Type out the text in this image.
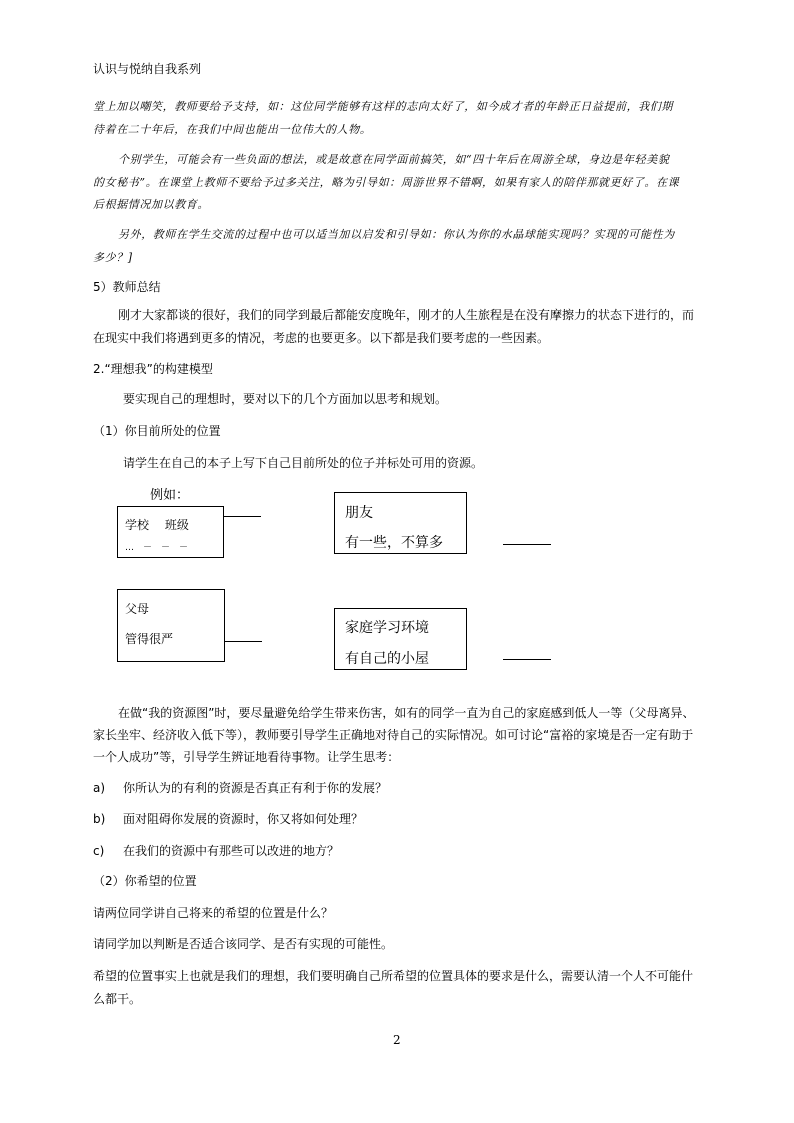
认识与悦纳自我系列
堂上加以嘲笑，教师要给予支持，如：这位同学能够有这样的志向太好了，如今成才者的年龄正日益提前，我们期
待着在二十年后，在我们中间也能出一位伟大的人物。
个别学生，可能会有一些负面的想法，或是故意在同学面前搞笑，如“四十年后在周游全球，身边是年轻美貌
的女秘书”。在课堂上教师不要给予过多关注，略为引导如：周游世界不错啊，如果有家人的陪伴那就更好了。在课
后根据情况加以教育。
另外，教师在学生交流的过程中也可以适当加以启发和引导如：你认为你的水晶球能实现吗？实现的可能性为
多少？]
5）教师总结
刚才大家都谈的很好，我们的同学到最后都能安度晚年，刚才的人生旅程是在没有摩擦力的状态下进行的，而
在现实中我们将遇到更多的情况，考虑的也要更多。以下都是我们要考虑的一些因素。
2.“理想我”的构建模型
要实现自己的理想时，要对以下的几个方面加以思考和规划。
（1）你目前所处的位置
请学生在自己的本子上写下自己目前所处的位子并标处可用的资源。
例如：
学校　 班级
…　－　－　－
朋友
有一些，不算多
父母
管得很严
家庭学习环境
有自己的小屋
在做“我的资源图”时，要尽量避免给学生带来伤害，如有的同学一直为自己的家庭感到低人一等（父母离异、
家长坐牢、经济收入低下等），教师要引导学生正确地对待自己的实际情况。如可讨论“富裕的家境是否一定有助于
一个人成功”等，引导学生辨证地看待事物。让学生思考：
a) 你所认为的有利的资源是否真正有利于你的发展？
b) 面对阻碍你发展的资源时，你又将如何处理？
c) 在我们的资源中有那些可以改进的地方？
（2）你希望的位置
请两位同学讲自己将来的希望的位置是什么？
请同学加以判断是否适合该同学、是否有实现的可能性。
希望的位置事实上也就是我们的理想，我们要明确自己所希望的位置具体的要求是什么，需要认清一个人不可能什
么都干。
2
